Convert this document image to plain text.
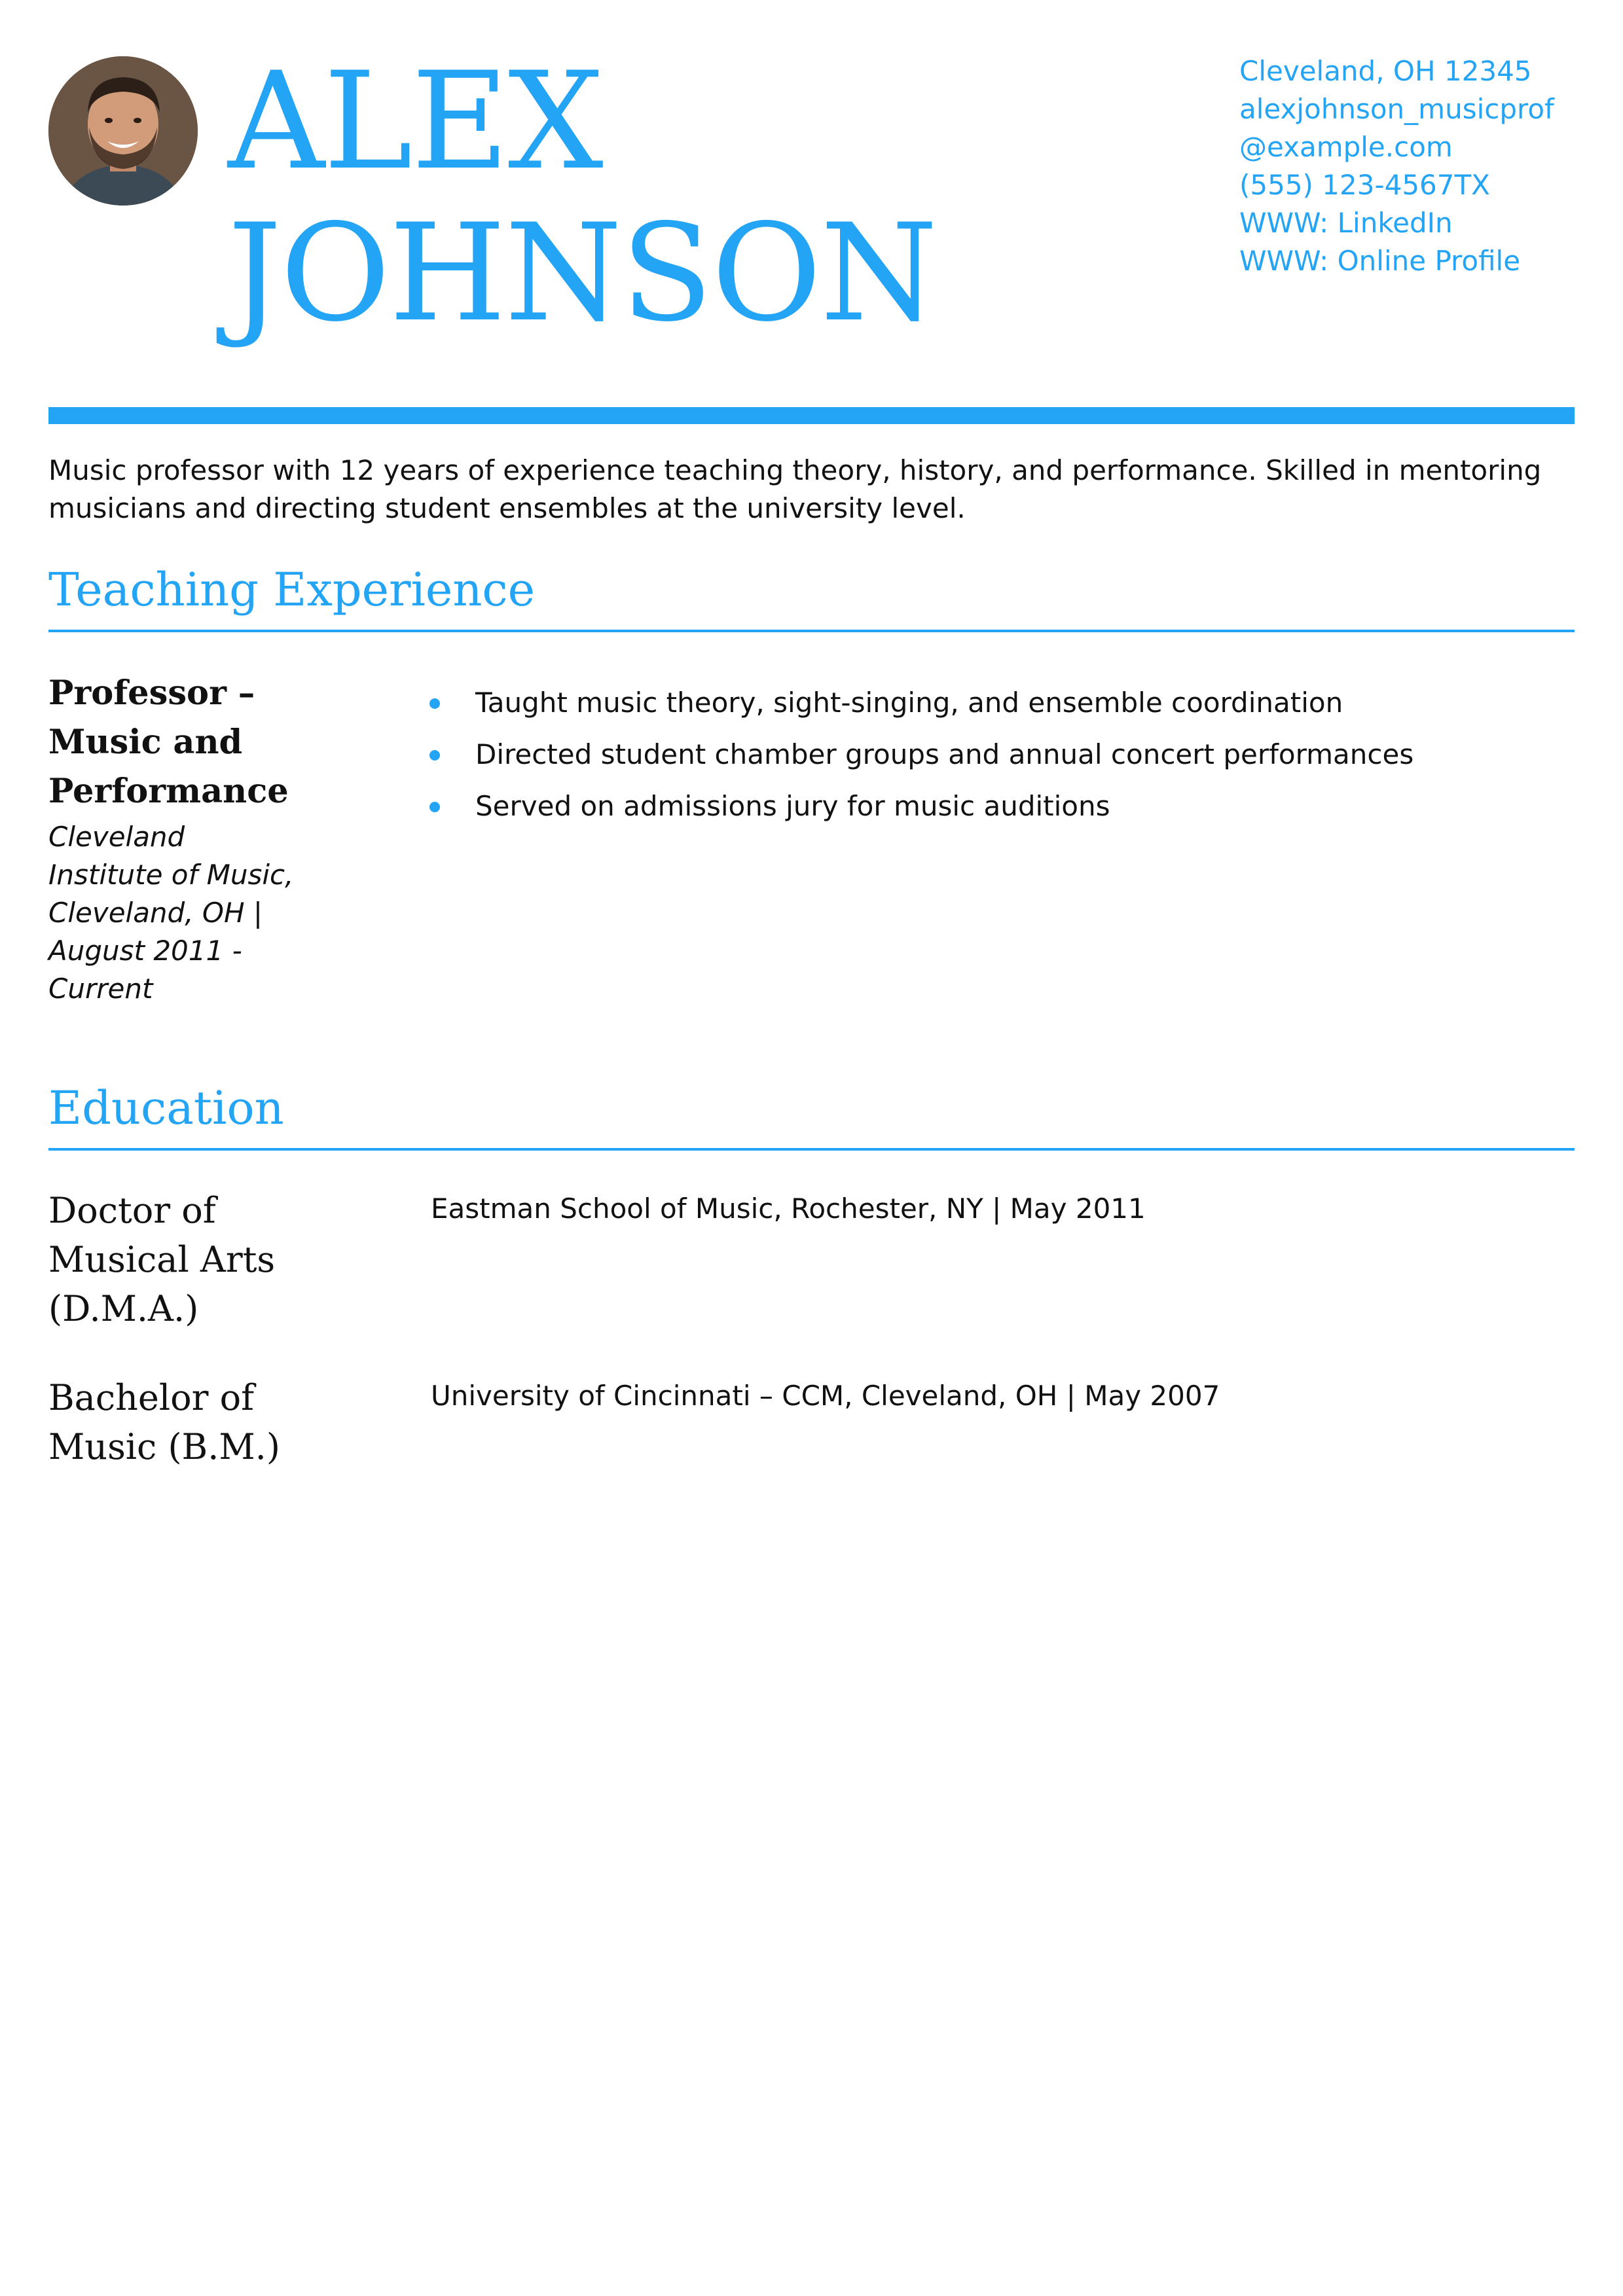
ALEX
JOHNSON
Cleveland, OH 12345
alexjohnson_musicprof
@example.com
(555) 123-4567TX
WWW: LinkedIn
WWW: Online Profile

Music professor with 12 years of experience teaching theory, history, and performance. Skilled in mentoring musicians and directing student ensembles at the university level.

Teaching Experience
Professor – Music and Performance
Cleveland Institute of Music, Cleveland, OH | August 2011 - Current
Taught music theory, sight-singing, and ensemble coordination
Directed student chamber groups and annual concert performances
Served on admissions jury for music auditions
Education
Doctor of Musical Arts (D.M.A.)
Eastman School of Music, Rochester, NY | May 2011
Bachelor of Music (B.M.)
University of Cincinnati – CCM, Cleveland, OH | May 2007
